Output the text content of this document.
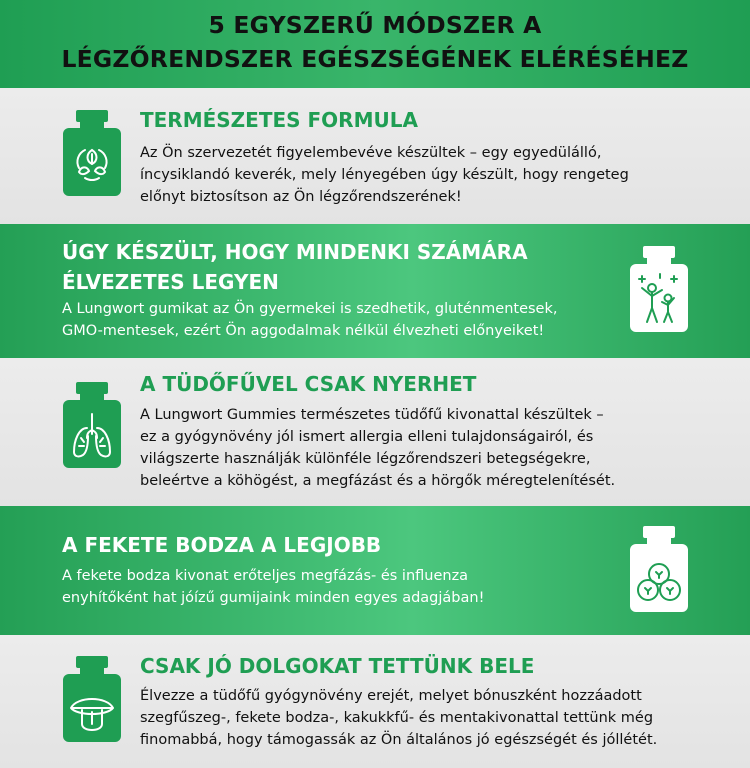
5 EGYSZERŰ MÓDSZER A
LÉGZŐRENDSZER EGÉSZSÉGÉNEK ELÉRÉSÉHEZ
TERMÉSZETES FORMULA
Az Ön szervezetét figyelembevéve készültek – egy egyedülálló,
íncysiklandó keverék, mely lényegében úgy készült, hogy rengeteg
előnyt biztosítson az Ön légzőrendszerének!
ÚGY KÉSZÜLT, HOGY MINDENKI SZÁMÁRA
ÉLVEZETES LEGYEN
A Lungwort gumikat az Ön gyermekei is szedhetik, gluténmentesek,
GMO-mentesek, ezért Ön aggodalmak nélkül élvezheti előnyeiket!
A TÜDŐFŰVEL CSAK NYERHET
A Lungwort Gummies természetes tüdőfű kivonattal készültek –
ez a gyógynövény jól ismert allergia elleni tulajdonságairól, és
világszerte használják különféle légzőrendszeri betegségekre,
beleértve a köhögést, a megfázást és a hörgők méregtelenítését.
A FEKETE BODZA A LEGJOBB
A fekete bodza kivonat erőteljes megfázás- és influenza
enyhítőként hat jóízű gumijaink minden egyes adagjában!
CSAK JÓ DOLGOKAT TETTÜNK BELE
Élvezze a tüdőfű gyógynövény erejét, melyet bónuszként hozzáadott
szegfűszeg-, fekete bodza-, kakukkfű- és mentakivonattal tettünk még
finomabbá, hogy támogassák az Ön általános jó egészségét és jóllétét.
